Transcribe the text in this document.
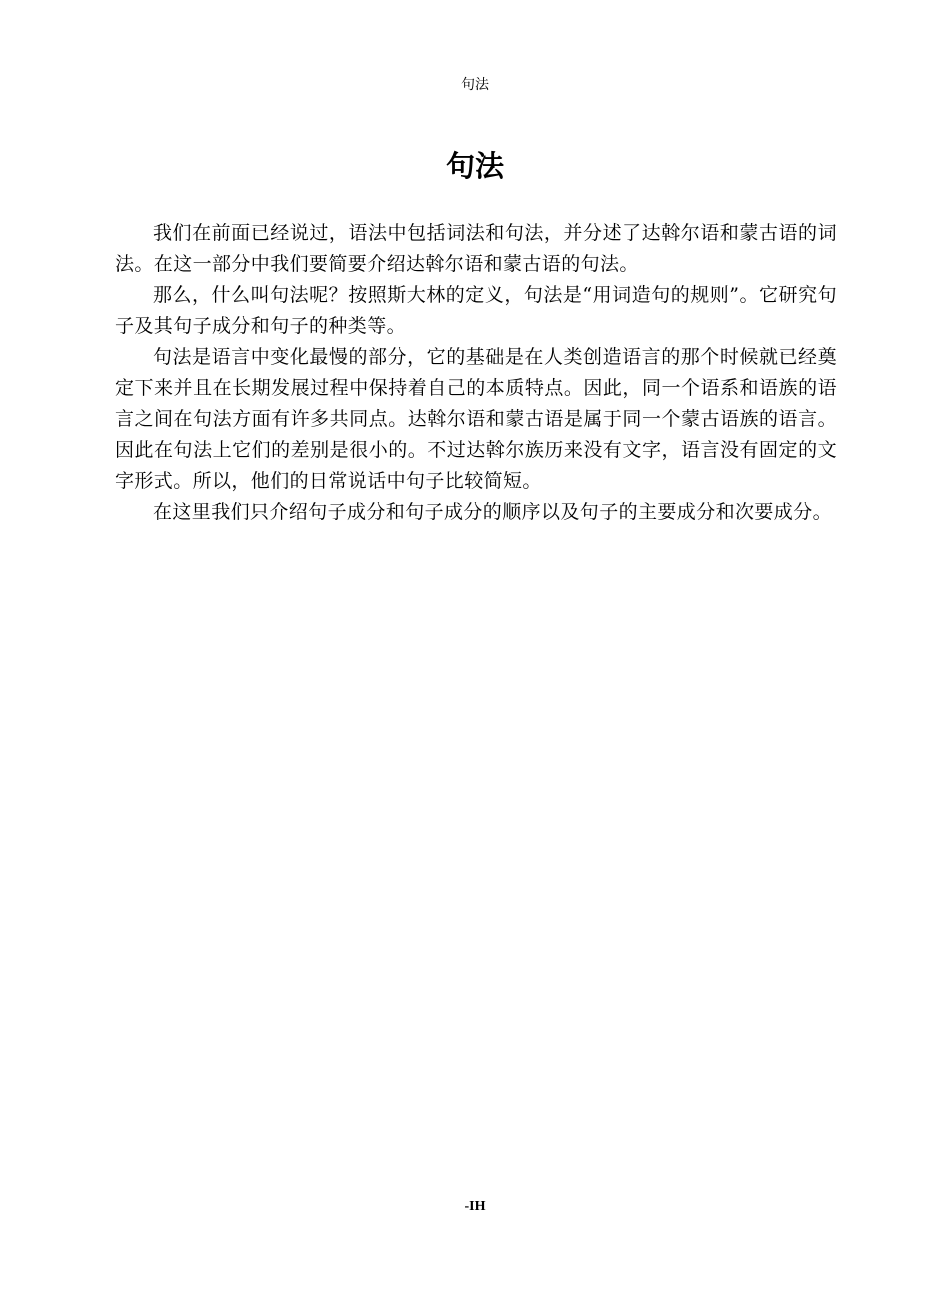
句法
句法

我们在前面已经说过，语法中包括词法和句法，并分述了达斡尔语和蒙古语的词法。在这一部分中我们要简要介绍达斡尔语和蒙古语的句法。

那么，什么叫句法呢？按照斯大林的定义，句法是“用词造句的规则”。它研究句子及其句子成分和句子的种类等。

句法是语言中变化最慢的部分，它的基础是在人类创造语言的那个时候就已经奠定下来并且在长期发展过程中保持着自己的本质特点。因此，同一个语系和语族的语言之间在句法方面有许多共同点。达斡尔语和蒙古语是属于同一个蒙古语族的语言。因此在句法上它们的差别是很小的。不过达斡尔族历来没有文字，语言没有固定的文字形式。所以，他们的日常说话中句子比较简短。

在这里我们只介绍句子成分和句子成分的顺序以及句子的主要成分和次要成分。

-IH
